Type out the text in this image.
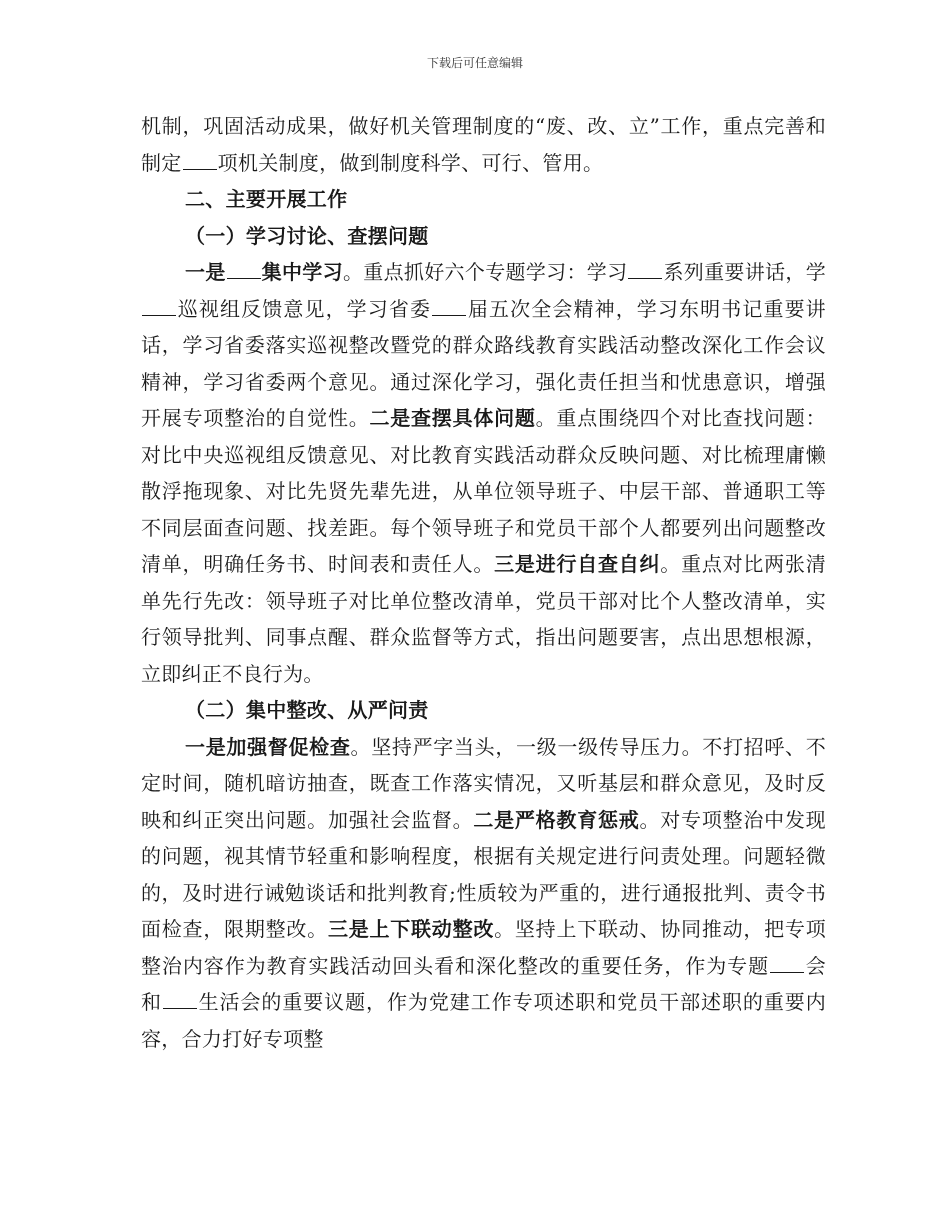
下载后可任意编辑

机制，巩固活动成果，做好机关管理制度的“废、改、立”工作，重点完善和制定 项机关制度，做到制度科学、可行、管用。

二、主要开展工作

（一）学习讨论、查摆问题

一是 集中学习。重点抓好六个专题学习：学习 系列重要讲话，学巡视组反馈意见，学习省委 届五次全会精神，学习东明书记重要讲话，学习省委落实巡视整改暨党的群众路线教育实践活动整改深化工作会议精神，学习省委两个意见。通过深化学习，强化责任担当和忧患意识，增强开展专项整治的自觉性。二是查摆具体问题。重点围绕四个对比查找问题：对比中央巡视组反馈意见、对比教育实践活动群众反映问题、对比梳理庸懒散浮拖现象、对比先贤先辈先进，从单位领导班子、中层干部、普通职工等不同层面查问题、找差距。每个领导班子和党员干部个人都要列出问题整改清单，明确任务书、时间表和责任人。三是进行自查自纠。重点对比两张清单先行先改：领导班子对比单位整改清单，党员干部对比个人整改清单，实行领导批判、同事点醒、群众监督等方式，指出问题要害，点出思想根源，立即纠正不良行为。

（二）集中整改、从严问责

一是加强督促检查。坚持严字当头，一级一级传导压力。不打招呼、不定时间，随机暗访抽查，既查工作落实情况，又听基层和群众意见，及时反映和纠正突出问题。加强社会监督。二是严格教育惩戒。对专项整治中发现的问题，视其情节轻重和影响程度，根据有关规定进行问责处理。问题轻微的，及时进行诫勉谈话和批判教育;性质较为严重的，进行通报批判、责令书面检查，限期整改。三是上下联动整改。坚持上下联动、协同推动，把专项整治内容作为教育实践活动回头看和深化整改的重要任务，作为专题 会和 生活会的重要议题，作为党建工作专项述职和党员干部述职的重要内容，合力打好专项整
